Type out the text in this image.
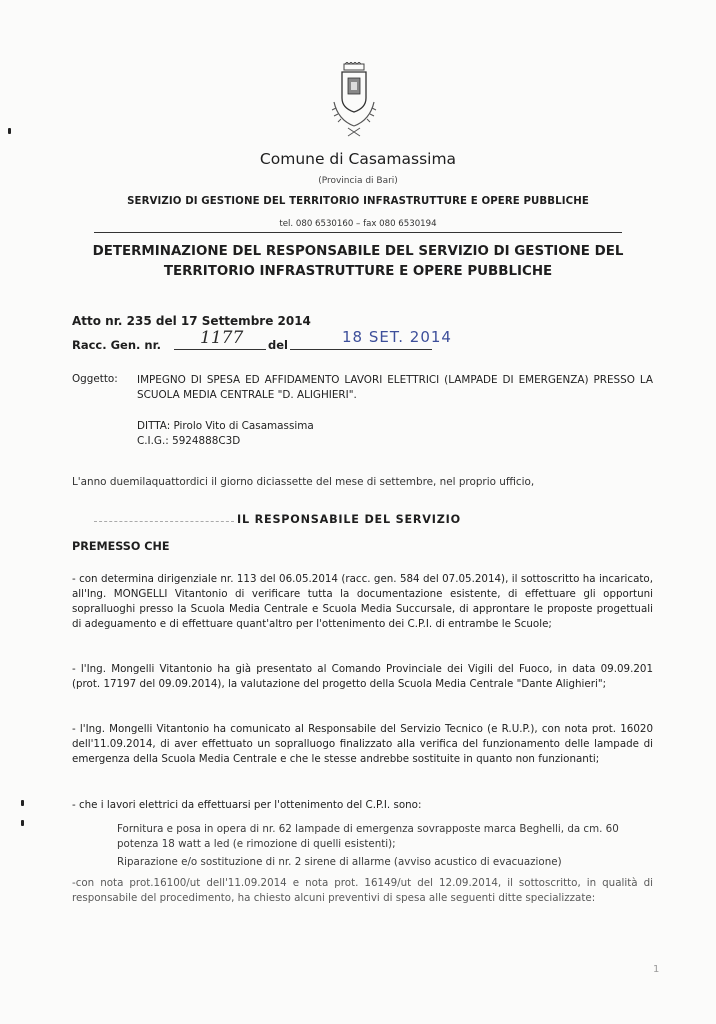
Comune di Casamassima
(Provincia di Bari)
SERVIZIO DI GESTIONE DEL TERRITORIO INFRASTRUTTURE E OPERE PUBBLICHE
tel. 080 6530160 – fax 080 6530194
DETERMINAZIONE DEL RESPONSABILE DEL SERVIZIO DI GESTIONE DEL
TERRITORIO INFRASTRUTTURE E OPERE PUBBLICHE
Atto nr. 235 del 17 Settembre 2014
Racc. Gen. nr. 1177 del	18 SET. 2014
Oggetto: IMPEGNO DI SPESA ED AFFIDAMENTO LAVORI ELETTRICI (LAMPADE DI EMERGENZA) PRESSO LA SCUOLA MEDIA CENTRALE "D. ALIGHIERI".
DITTA: Pirolo Vito di Casamassima
C.I.G.: 5924888C3D
L'anno duemilaquattordici il giorno diciassette del mese di settembre, nel proprio ufficio,
IL RESPONSABILE DEL SERVIZIO
PREMESSO CHE
- con determina dirigenziale nr. 113 del 06.05.2014 (racc. gen. 584 del 07.05.2014), il sottoscritto ha incaricato, all'Ing. MONGELLI Vitantonio di verificare tutta la documentazione esistente, di effettuare gli opportuni sopralluoghi presso la Scuola Media Centrale e Scuola Media Succursale, di approntare le proposte progettuali di adeguamento e di effettuare quant'altro per l'ottenimento dei C.P.I. di entrambe le Scuole;
- l'Ing. Mongelli Vitantonio ha già presentato al Comando Provinciale dei Vigili del Fuoco, in data 09.09.201 (prot. 17197 del 09.09.2014), la valutazione del progetto della Scuola Media Centrale "Dante Alighieri";
- l'Ing. Mongelli Vitantonio ha comunicato al Responsabile del Servizio Tecnico (e R.U.P.), con nota prot. 16020 dell'11.09.2014, di aver effettuato un sopralluogo finalizzato alla verifica del funzionamento delle lampade di emergenza della Scuola Media Centrale e che le stesse andrebbe sostituite in quanto non funzionanti;
- che i lavori elettrici da effettuarsi per l'ottenimento del C.P.I. sono:
Fornitura e posa in opera di nr. 62 lampade di emergenza sovrapposte marca Beghelli, da cm. 60 potenza 18 watt a led (e rimozione di quelli esistenti);
Riparazione e/o sostituzione di nr. 2 sirene di allarme (avviso acustico di evacuazione)
-con nota prot.16100/ut dell'11.09.2014 e nota prot. 16149/ut del 12.09.2014, il sottoscritto, in qualità di responsabile del procedimento, ha chiesto alcuni preventivi di spesa alle seguenti ditte specializzate:
1
